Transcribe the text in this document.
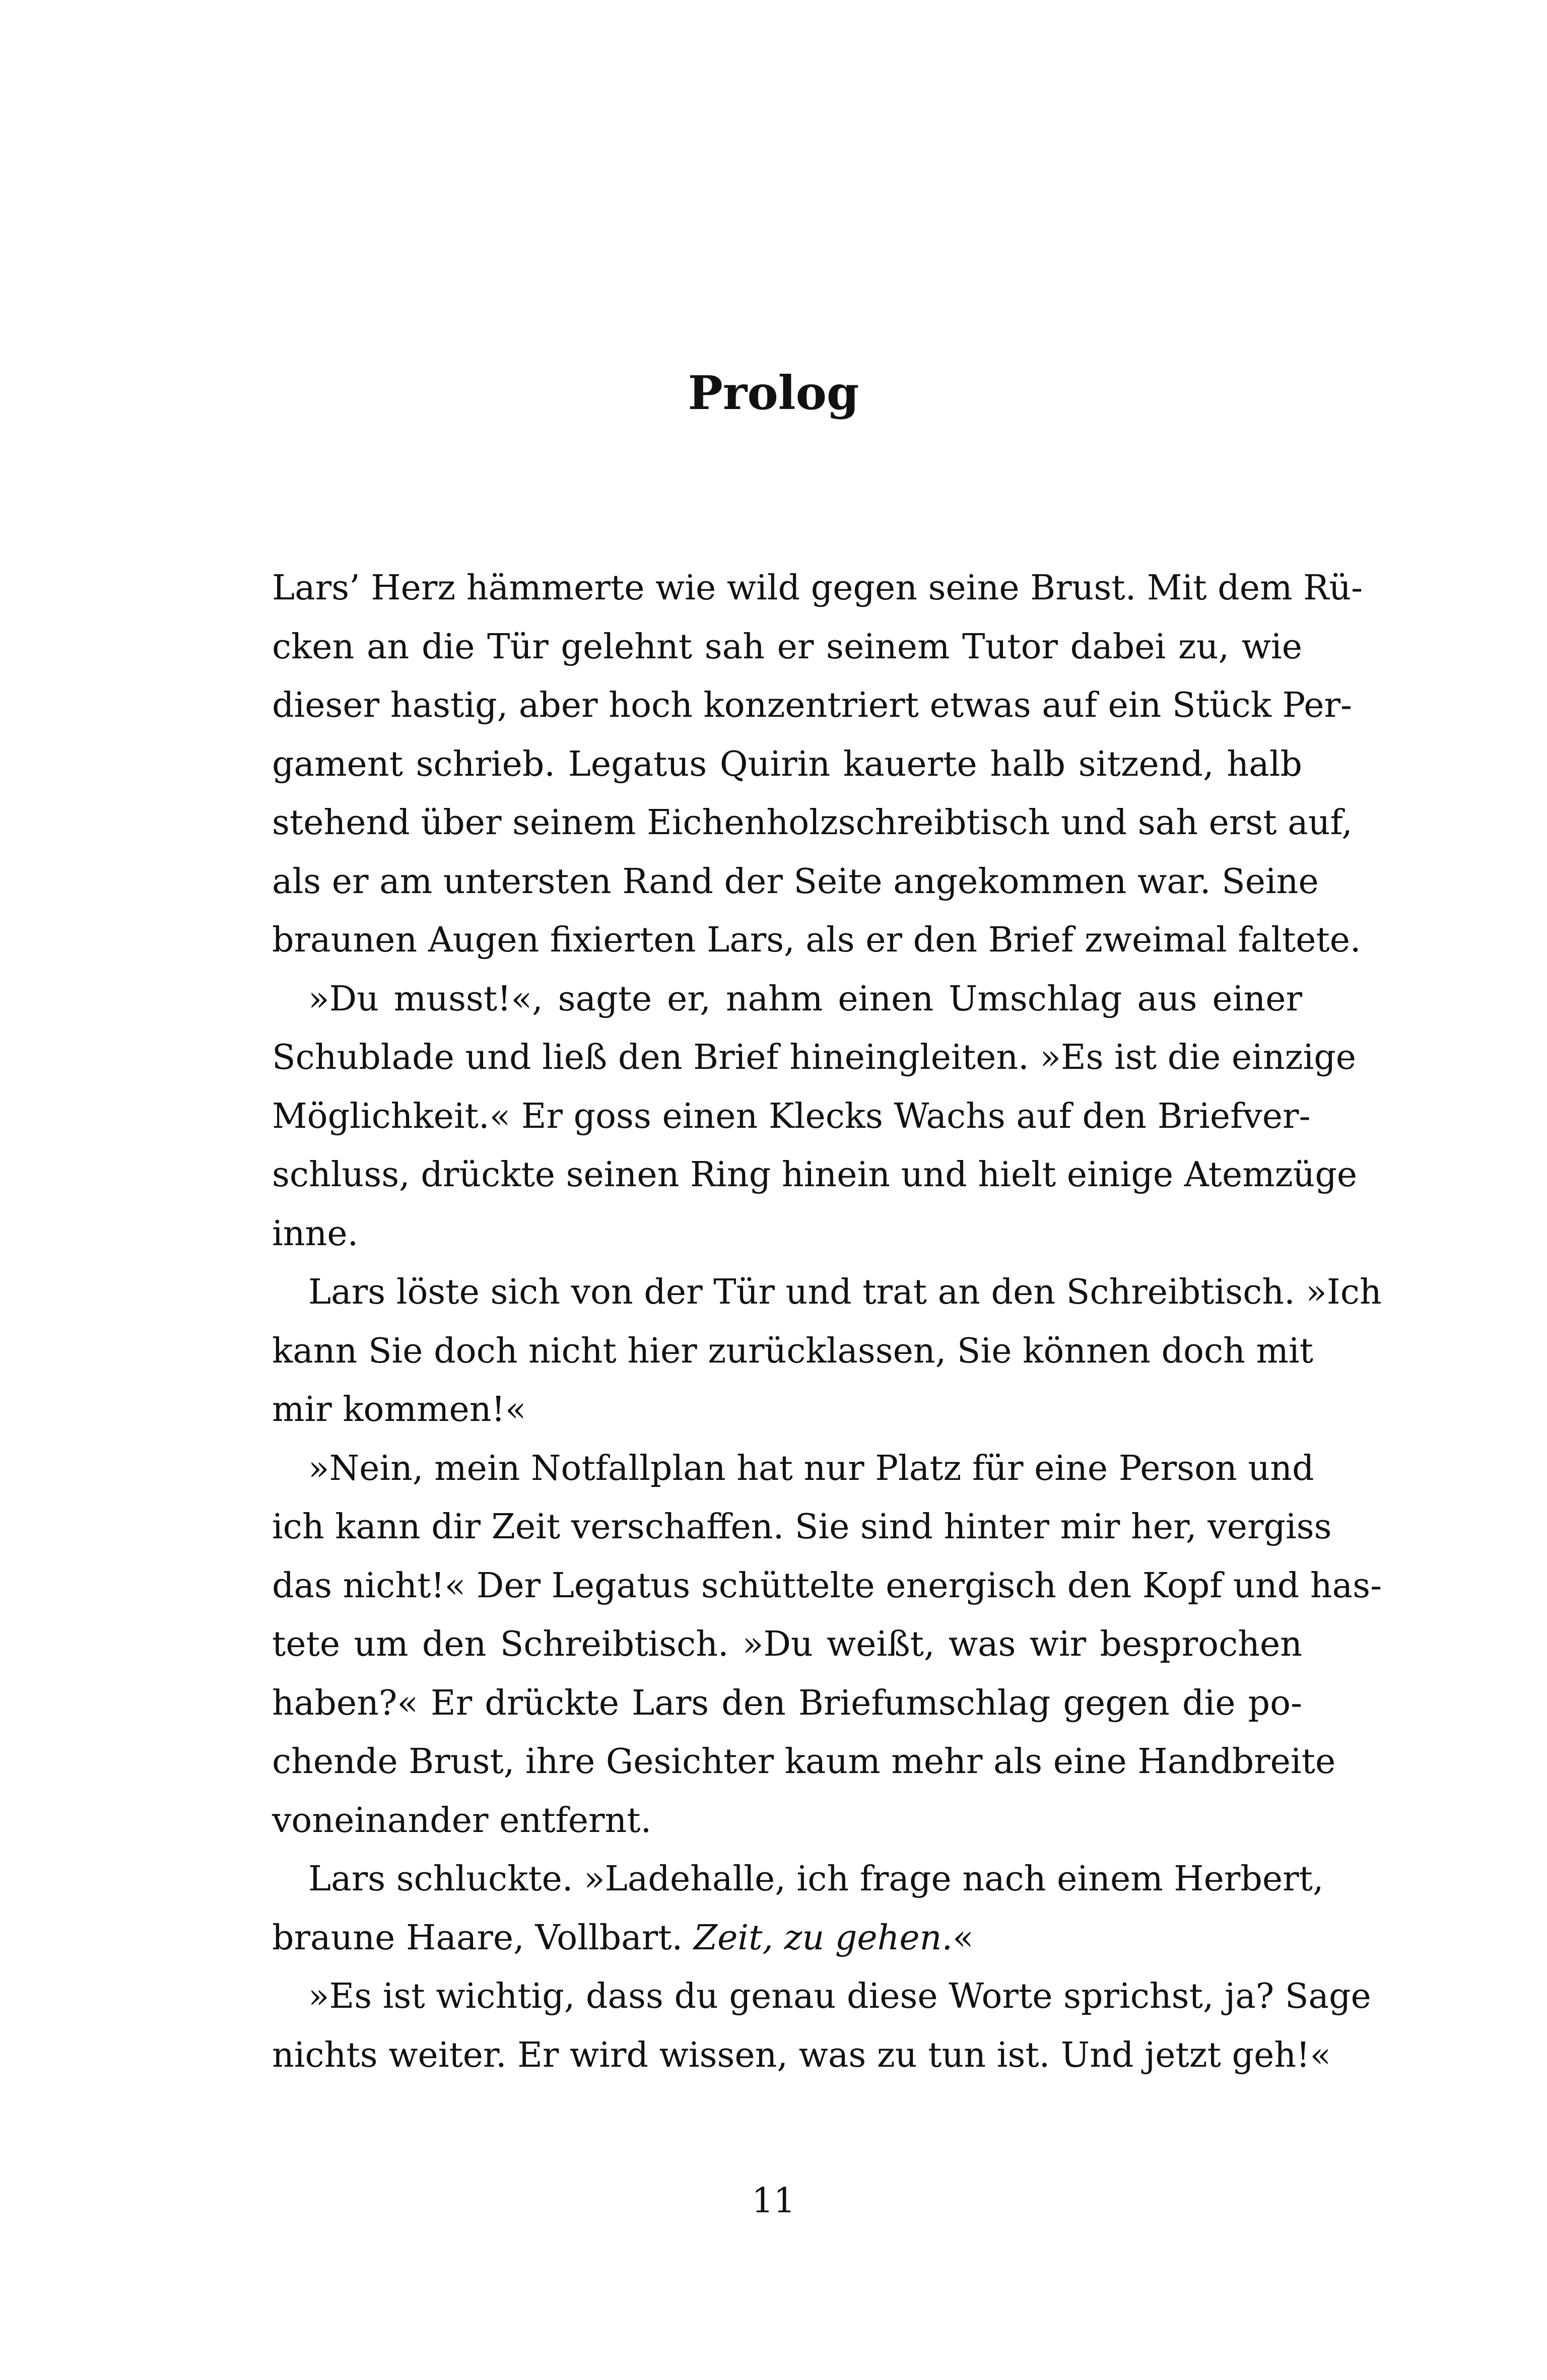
Prolog
Lars’ Herz hämmerte wie wild gegen seine Brust. Mit dem Rü-
cken an die Tür gelehnt sah er seinem Tutor dabei zu, wie
dieser hastig, aber hoch konzentriert etwas auf ein Stück Per-
gament schrieb. Legatus Quirin kauerte halb sitzend, halb
stehend über seinem Eichenholzschreibtisch und sah erst auf,
als er am untersten Rand der Seite angekommen war. Seine
braunen Augen fixierten Lars, als er den Brief zweimal faltete.
»Du musst!«, sagte er, nahm einen Umschlag aus einer
Schublade und ließ den Brief hineingleiten. »Es ist die einzige
Möglichkeit.« Er goss einen Klecks Wachs auf den Briefver-
schluss, drückte seinen Ring hinein und hielt einige Atemzüge
inne.
Lars löste sich von der Tür und trat an den Schreibtisch. »Ich
kann Sie doch nicht hier zurücklassen, Sie können doch mit
mir kommen!«
»Nein, mein Notfallplan hat nur Platz für eine Person und
ich kann dir Zeit verschaffen. Sie sind hinter mir her, vergiss
das nicht!« Der Legatus schüttelte energisch den Kopf und has-
tete um den Schreibtisch. »Du weißt, was wir besprochen
haben?« Er drückte Lars den Briefumschlag gegen die po-
chende Brust, ihre Gesichter kaum mehr als eine Handbreite
voneinander entfernt.
Lars schluckte. »Ladehalle, ich frage nach einem Herbert,
braune Haare, Vollbart. Zeit, zu gehen.«
»Es ist wichtig, dass du genau diese Worte sprichst, ja? Sage
nichts weiter. Er wird wissen, was zu tun ist. Und jetzt geh!«
11
